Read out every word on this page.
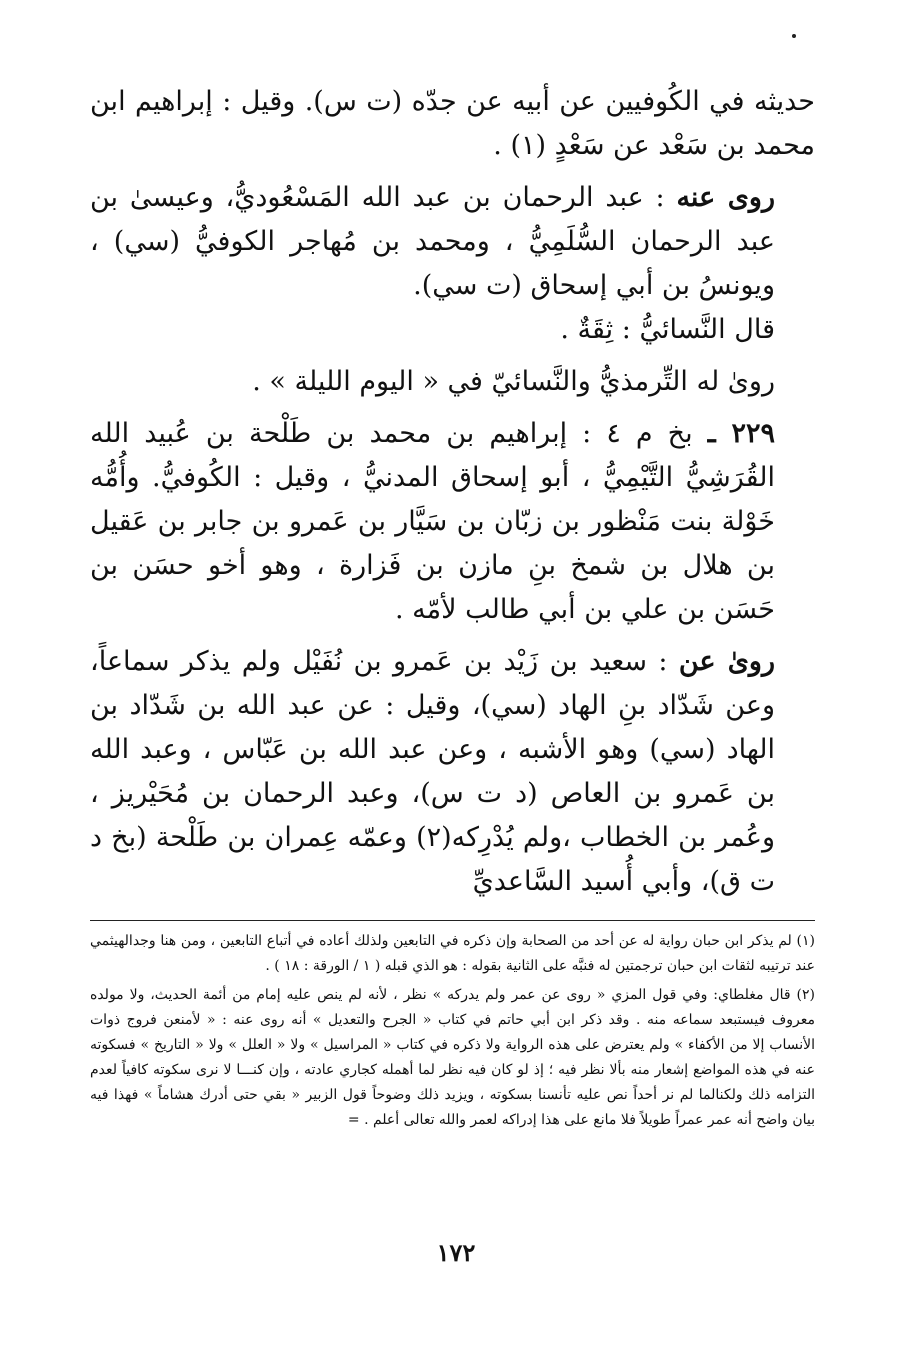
حديثه في الكُوفيين عن أبيه عن جدّه (ت س). وقيل : إبراهيم ابن محمد بن سَعْد عن سَعْدٍ (١) .

روى عنه : عبد الرحمان بن عبد الله المَسْعُوديُّ، وعيسىٰ بن عبد الرحمان السُّلَمِيُّ ، ومحمد بن مُهاجر الكوفيُّ (سي) ، ويونسُ بن أبي إسحاق (ت سي).

قال النَّسائيُّ : ثِقَةٌ .

روىٰ له التِّرمذيُّ والنَّسائيّ في « اليوم الليلة » .

٢٢٩ ـ بخ م ٤ : إبراهيم بن محمد بن طَلْحة بن عُبيد الله القُرَشِيُّ التَّيْمِيُّ ، أبو إسحاق المدنيُّ ، وقيل : الكُوفيُّ. وأُمُّه خَوْلة بنت مَنْظور بن زبّان بن سَيَّار بن عَمرو بن جابر بن عَقيل بن هلال بن شمخ بنِ مازن بن فَزارة ، وهو أخو حسَن بن حَسَن بن علي بن أبي طالب لأمّه .

روىٰ عن : سعيد بن زَيْد بن عَمرو بن نُفَيْل ولم يذكر سماعاً، وعن شَدّاد بنِ الهاد (سي)، وقيل : عن عبد الله بن شَدّاد بن الهاد (سي) وهو الأشبه ، وعن عبد الله بن عَبّاس ، وعبد الله بن عَمرو بن العاص (د ت س)، وعبد الرحمان بن مُحَيْريز ، وعُمر بن الخطاب ،ولم يُدْرِكه(٢) وعمّه عِمران بن طَلْحة (بخ د ت ق)، وأبي أُسيد السَّاعديِّ

(١) لم يذكر ابن حبان رواية له عن أحد من الصحابة وإن ذكره في التابعين ولذلك أعاده في أتباع التابعين ، ومن هنا وجدالهيثمي عند ترتيبه لثقات ابن حبان ترجمتين له فنبَّه على الثانية بقوله : هو الذي قبله ( ١ / الورقة : ١٨ ) .

(٢) قال مغلطاي: وفي قول المزي « روى عن عمر ولم يدركه » نظر ، لأنه لم ينص عليه إمام من أئمة الحديث، ولا مولده معروف فيستبعد سماعه منه . وقد ذكر ابن أبي حاتم في كتاب « الجرح والتعديل » أنه روى عنه : « لأمنعن فروج ذوات الأنساب إلا من الأكفاء » ولم يعترض على هذه الرواية ولا ذكره في كتاب « المراسيل » ولا « العلل » ولا « التاريخ » فسكوته عنه في هذه المواضع إشعار منه بألا نظر فيه ؛ إذ لو كان فيه نظر لما أهمله كجاري عادته ، وإن كنـــا لا نرى سكوته كافياً لعدم التزامه ذلك ولكنالما لم نر أحداً نص عليه تأنسنا بسكوته ، ويزيد ذلك وضوحاً قول الزبير « بقي حتى أدرك هشاماً » فهذا فيه بيان واضح أنه عمر عمراً طويلاً فلا مانع على هذا إدراكه لعمر والله تعالى أعلم . =

١٧٢
